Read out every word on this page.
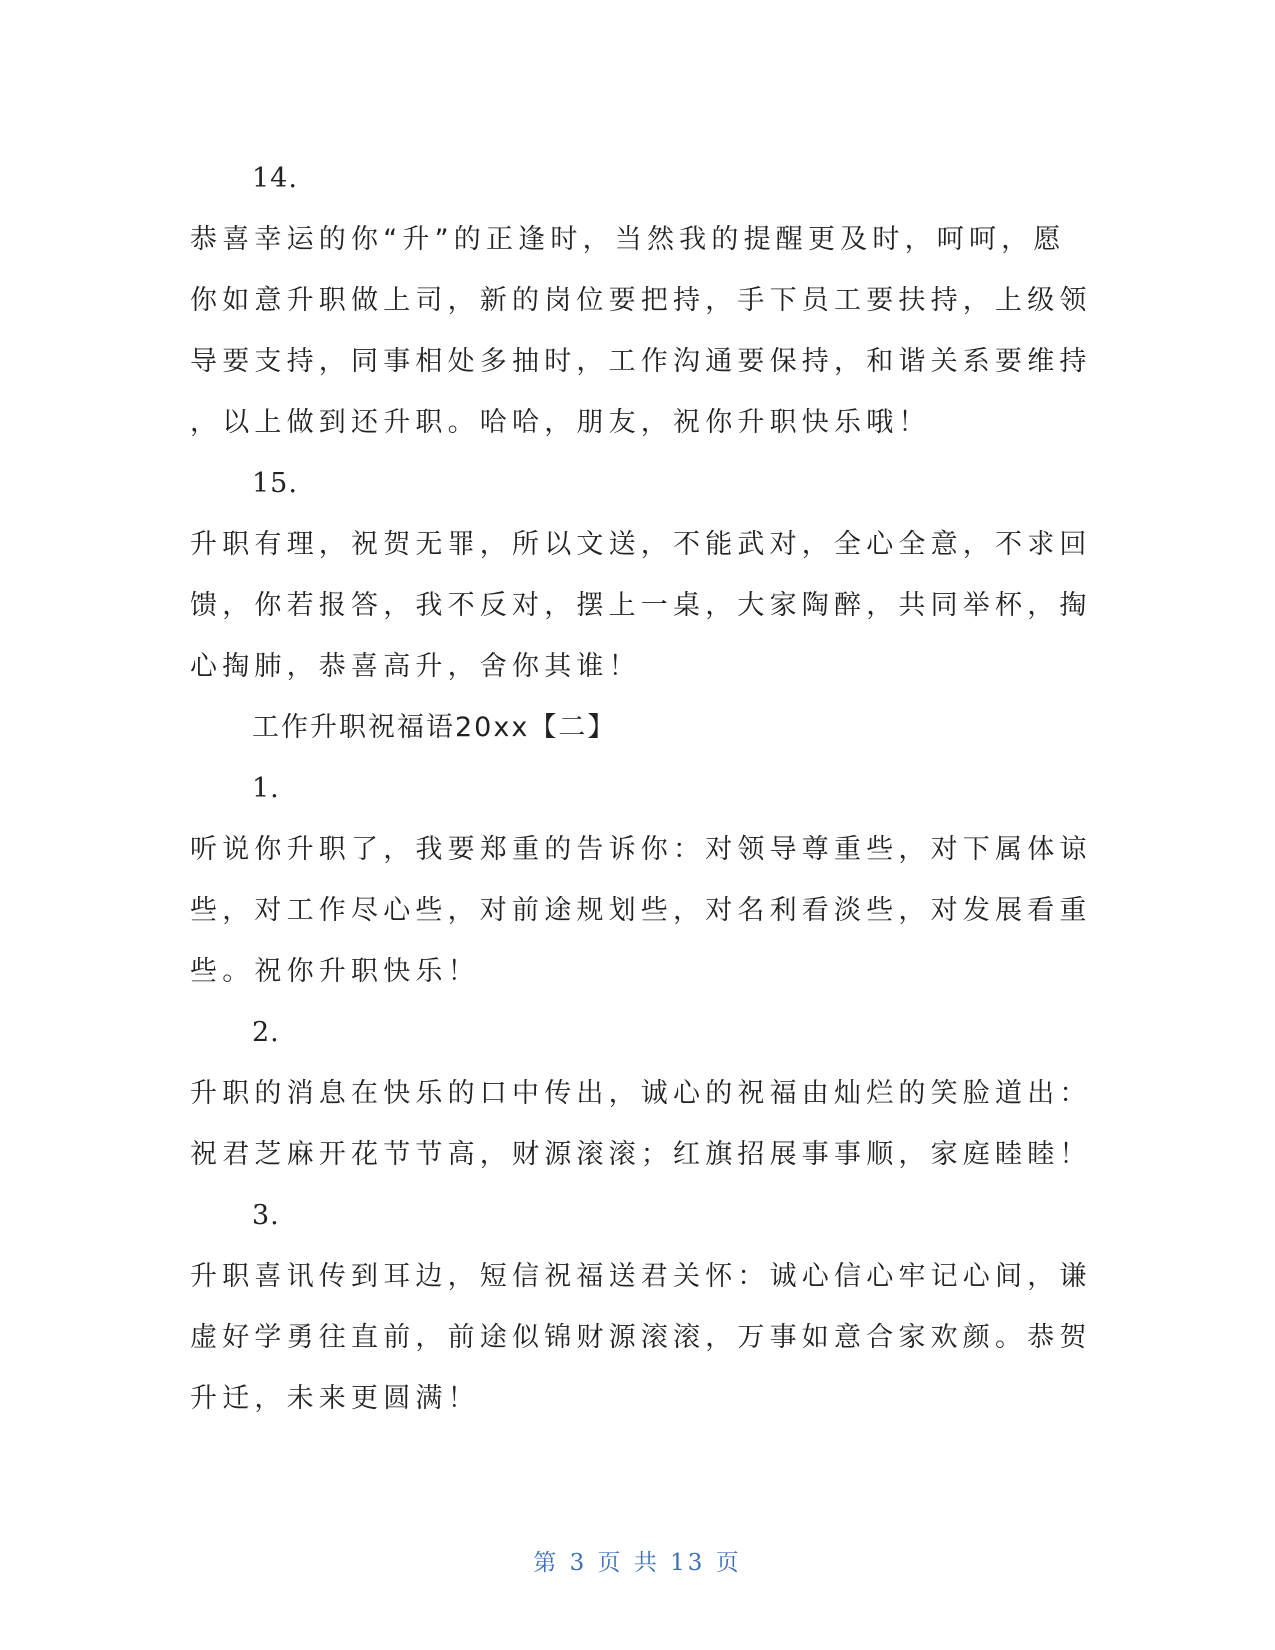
14.
恭喜幸运的你“升”的正逢时，当然我的提醒更及时，呵呵，愿
你如意升职做上司，新的岗位要把持，手下员工要扶持，上级领
导要支持，同事相处多抽时，工作沟通要保持，和谐关系要维持
，以上做到还升职。哈哈，朋友，祝你升职快乐哦！
15.
升职有理，祝贺无罪，所以文送，不能武对，全心全意，不求回
馈，你若报答，我不反对，摆上一桌，大家陶醉，共同举杯，掏
心掏肺，恭喜高升，舍你其谁！
工作升职祝福语20xx【二】
1.
听说你升职了，我要郑重的告诉你：对领导尊重些，对下属体谅
些，对工作尽心些，对前途规划些，对名利看淡些，对发展看重
些。祝你升职快乐！
2.
升职的消息在快乐的口中传出，诚心的祝福由灿烂的笑脸道出：
祝君芝麻开花节节高，财源滚滚；红旗招展事事顺，家庭睦睦！
3.
升职喜讯传到耳边，短信祝福送君关怀：诚心信心牢记心间，谦
虚好学勇往直前，前途似锦财源滚滚，万事如意合家欢颜。恭贺
升迁，未来更圆满！
第 3 页 共 13 页
